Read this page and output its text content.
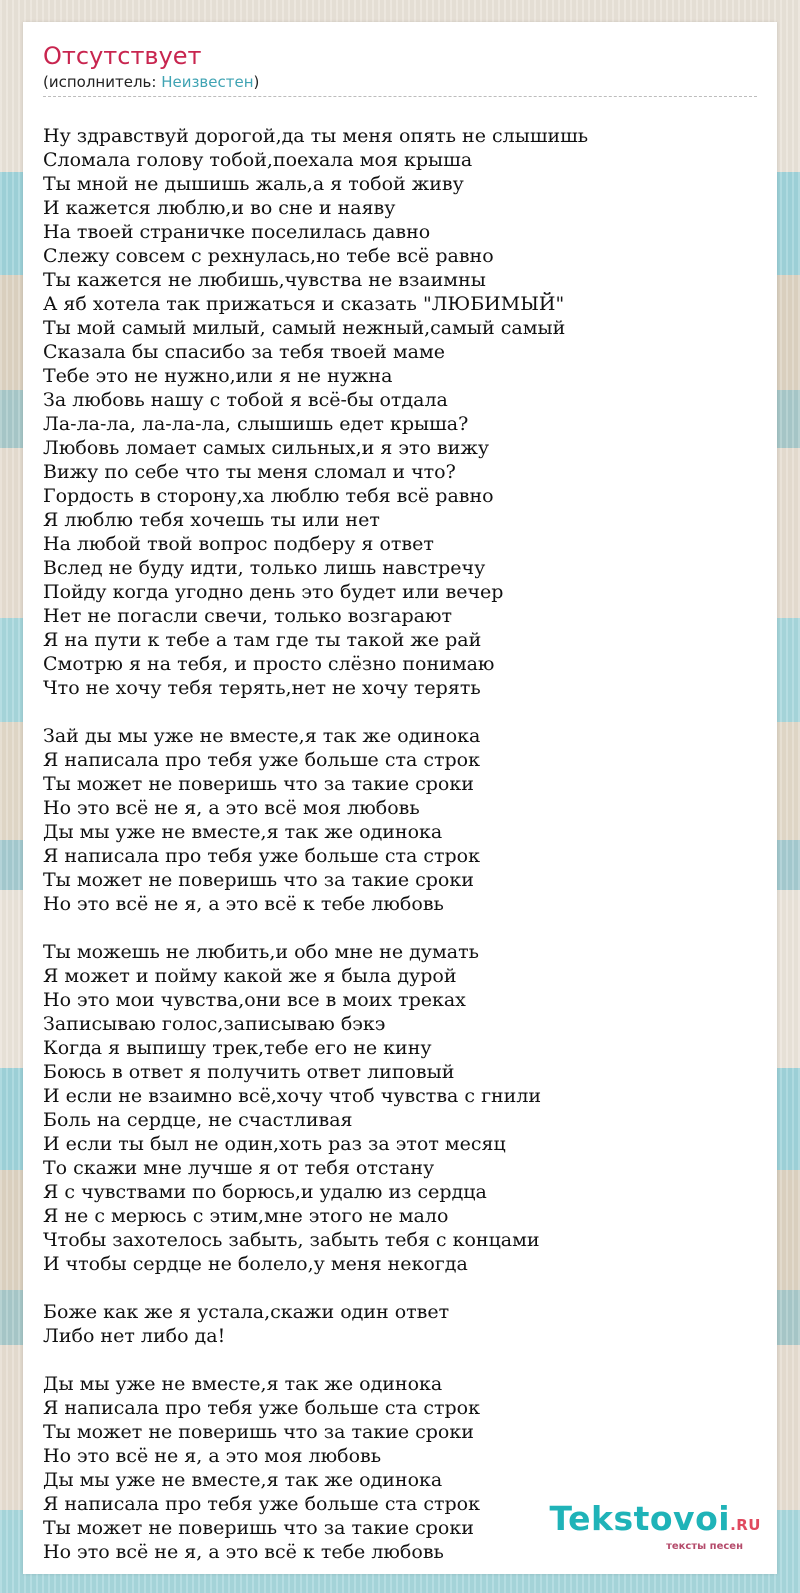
Отсутствует
(исполнитель: Неизвестен)
Ну здравствуй дорогой,да ты меня опять не слышишь
Сломала голову тобой,поехала моя крыша
Ты мной не дышишь жаль,а я тобой живу
И кажется люблю,и во сне и наяву
На твоей страничке поселилась давно
Слежу совсем с рехнулась,но тебе всё равно
Ты кажется не любишь,чувства не взаимны
А яб хотела так прижаться и сказать "ЛЮБИМЫЙ"
Ты мой самый милый, самый нежный,самый самый
Сказала бы спасибо за тебя твоей маме
Тебе это не нужно,или я не нужна
За любовь нашу с тобой я всё-бы отдала
Ла-ла-ла, ла-ла-ла, слышишь едет крыша?
Любовь ломает самых сильных,и я это вижу
Вижу по себе что ты меня сломал и что?
Гордость в сторону,ха люблю тебя всё равно
Я люблю тебя хочешь ты или нет
На любой твой вопрос подберу я ответ
Вслед не буду идти, только лишь навстречу
Пойду когда угодно день это будет или вечер
Нет не погасли свечи, только возгарают
Я на пути к тебе а там где ты такой же рай
Смотрю я на тебя, и просто слёзно понимаю
Что не хочу тебя терять,нет не хочу терять
Зай ды мы уже не вместе,я так же одинока
Я написала про тебя уже больше ста строк
Ты может не поверишь что за такие сроки
Но это всё не я, а это всё моя любовь
Ды мы уже не вместе,я так же одинока
Я написала про тебя уже больше ста строк
Ты может не поверишь что за такие сроки
Но это всё не я, а это всё к тебе любовь
Ты можешь не любить,и обо мне не думать
Я может и пойму какой же я была дурой
Но это мои чувства,они все в моих треках
Записываю голос,записываю бэкэ
Когда я выпишу трек,тебе его не кину
Боюсь в ответ я получить ответ липовый
И если не взаимно всё,хочу чтоб чувства с гнили
Боль на сердце, не счастливая
И если ты был не один,хоть раз за этот месяц
То скажи мне лучше я от тебя отстану
Я с чувствами по борюсь,и удалю из сердца
Я не с мерюсь с этим,мне этого не мало
Чтобы захотелось забыть, забыть тебя с концами
И чтобы сердце не болело,у меня некогда
Боже как же я устала,скажи один ответ
Либо нет либо да!
Ды мы уже не вместе,я так же одинока
Я написала про тебя уже больше ста строк
Ты может не поверишь что за такие сроки
Но это всё не я, а это моя любовь
Ды мы уже не вместе,я так же одинока
Я написала про тебя уже больше ста строк
Ты может не поверишь что за такие сроки
Но это всё не я, а это всё к тебе любовь
Tekstovoi.RU
тексты песен
